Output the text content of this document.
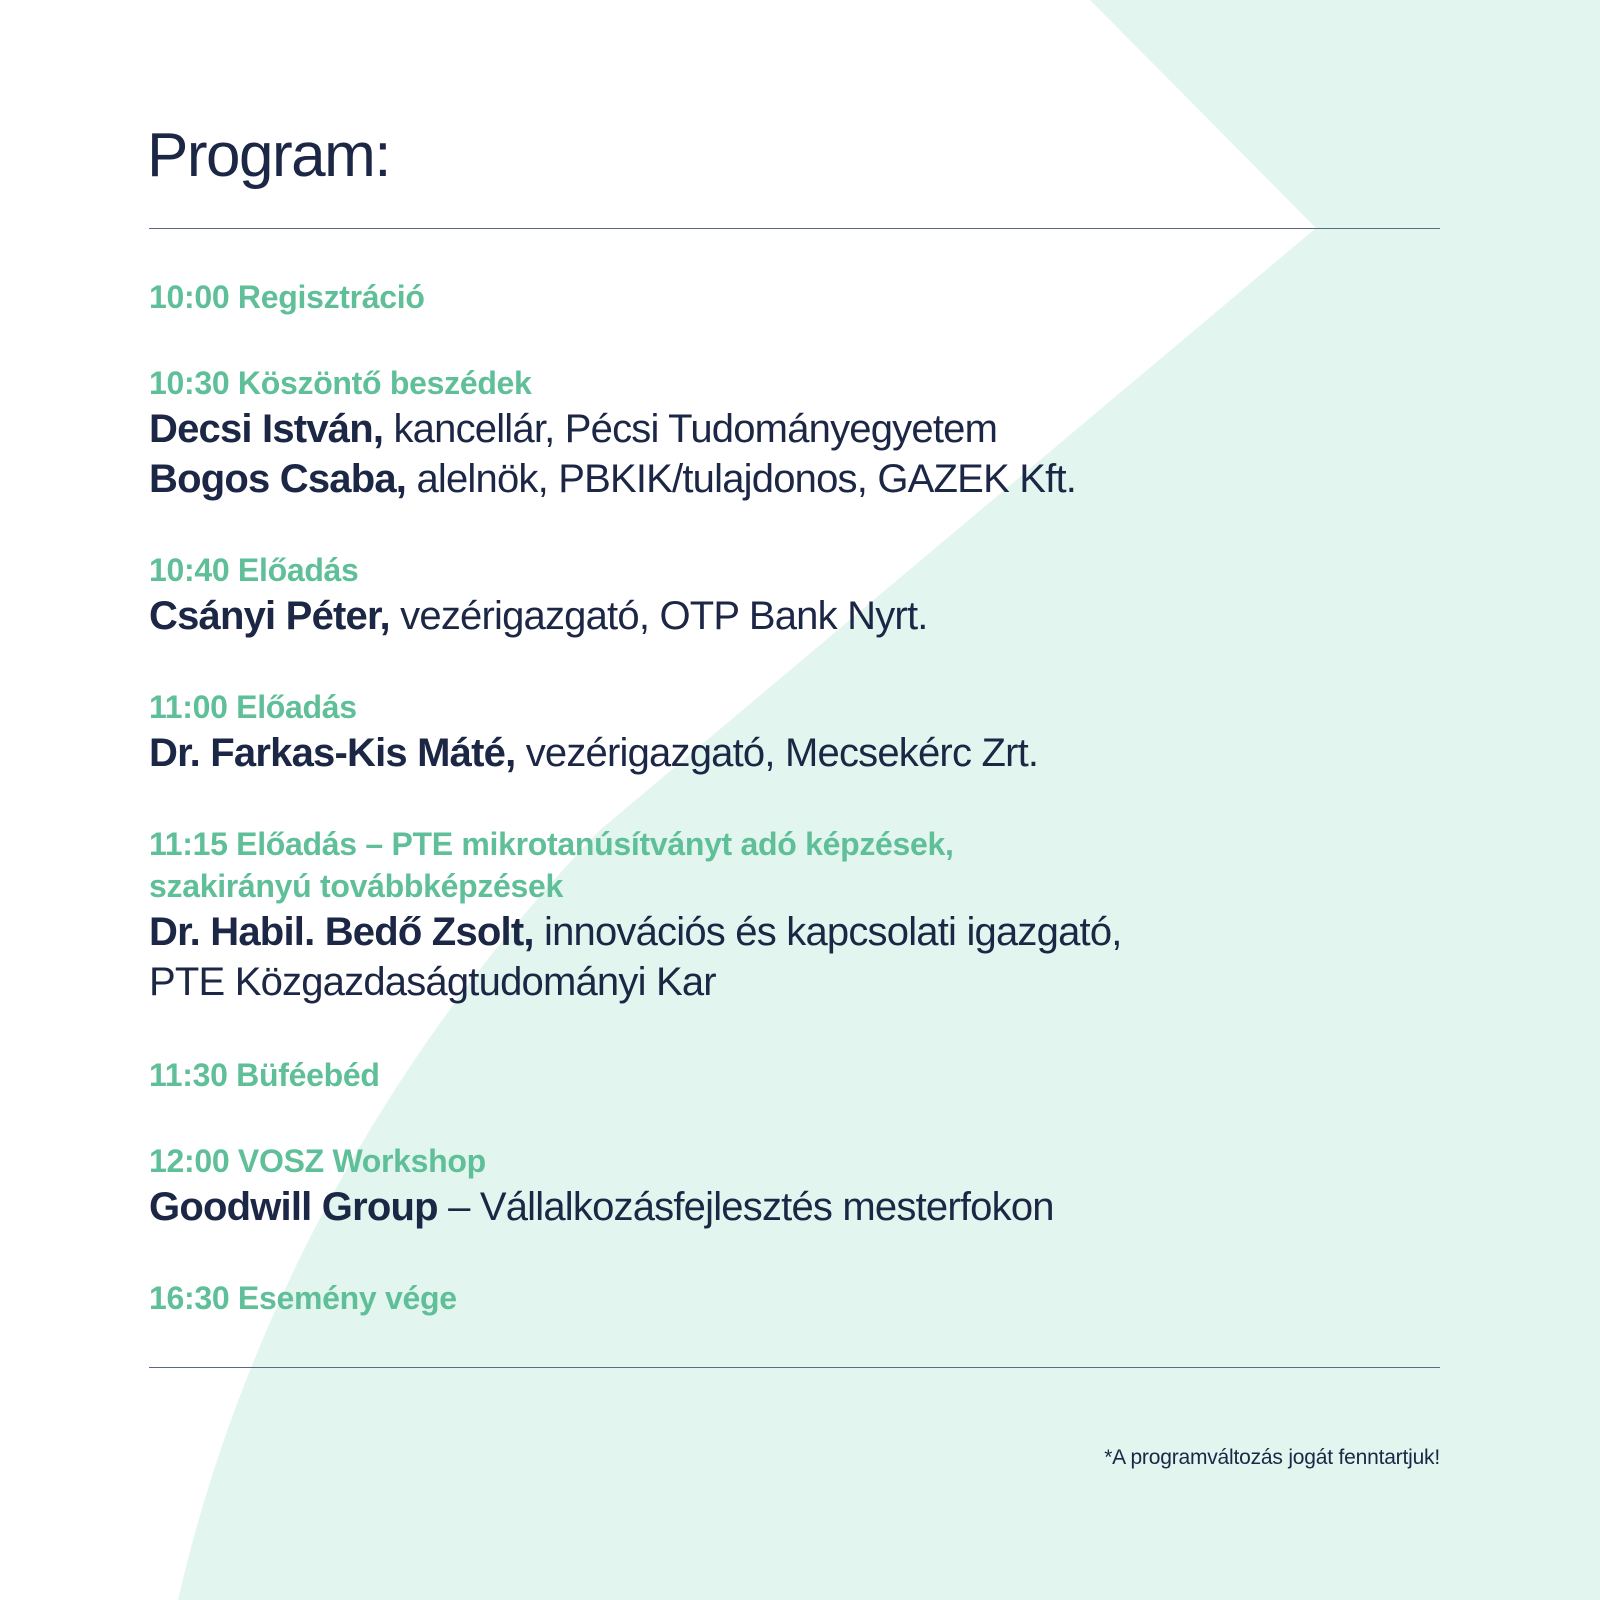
Program:
10:00 Regisztráció
10:30 Köszöntő beszédek
Decsi István, kancellár, Pécsi Tudományegyetem
Bogos Csaba, alelnök, PBKIK/tulajdonos, GAZEK Kft.
10:40 Előadás
Csányi Péter, vezérigazgató, OTP Bank Nyrt.
11:00 Előadás
Dr. Farkas-Kis Máté, vezérigazgató, Mecsekérc Zrt.
11:15 Előadás – PTE mikrotanúsítványt adó képzések,
szakirányú továbbképzések
Dr. Habil. Bedő Zsolt, innovációs és kapcsolati igazgató,
PTE Közgazdaságtudományi Kar
11:30 Büféebéd
12:00 VOSZ Workshop
Goodwill Group – Vállalkozásfejlesztés mesterfokon
16:30 Esemény vége
*A programváltozás jogát fenntartjuk!
